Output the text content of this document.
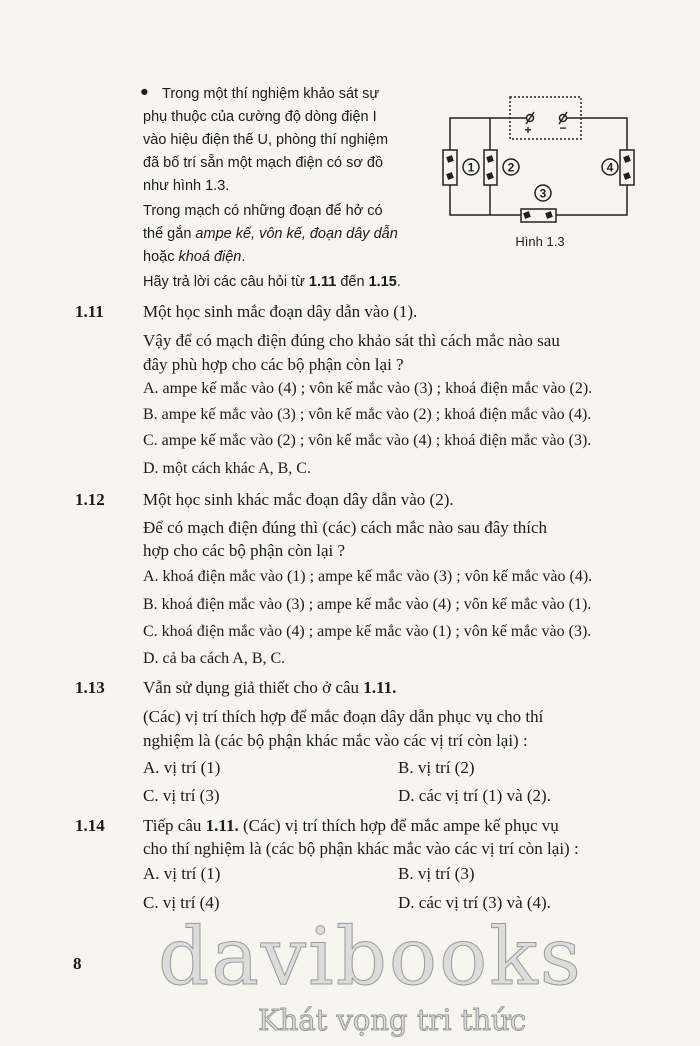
● Trong một thí nghiệm khảo sát sự
phụ thuộc của cường độ dòng điện I
vào hiệu điện thế U, phòng thí nghiệm
đã bố trí sẵn một mạch điện có sơ đồ
như hình 1.3.
Trong mạch có những đoạn để hở có
thể gắn ampe kế, vôn kế, đoạn dây dẫn
hoặc khoá điện.
Hãy trả lời các câu hỏi từ 1.11 đến 1.15.
1	2
3
4
+ −
Hình 1.3
1.11 Một học sinh mắc đoạn dây dẫn vào (1).
Vậy để có mạch điện đúng cho khảo sát thì cách mắc nào sau
đây phù hợp cho các bộ phận còn lại ?
A. ampe kế mắc vào (4) ; vôn kế mắc vào (3) ; khoá điện mắc vào (2).
B. ampe kế mắc vào (3) ; vôn kế mắc vào (2) ; khoá điện mắc vào (4).
C. ampe kế mắc vào (2) ; vôn kế mắc vào (4) ; khoá điện mắc vào (3).
D. một cách khác A, B, C.
1.12 Một học sinh khác mắc đoạn dây dẫn vào (2).
Để có mạch điện đúng thì (các) cách mắc nào sau đây thích
hợp cho các bộ phận còn lại ?
A. khoá điện mắc vào (1) ; ampe kế mắc vào (3) ; vôn kế mắc vào (4).
B. khoá điện mắc vào (3) ; ampe kế mắc vào (4) ; vôn kế mắc vào (1).
C. khoá điện mắc vào (4) ; ampe kế mắc vào (1) ; vôn kế mắc vào (3).
D. cả ba cách A, B, C.
1.13 Vẫn sử dụng giả thiết cho ở câu 1.11.
(Các) vị trí thích hợp để mắc đoạn dây dẫn phục vụ cho thí
nghiệm là (các bộ phận khác mắc vào các vị trí còn lại) :
A. vị trí (1)	B. vị trí (2)
C. vị trí (3)	D. các vị trí (1) và (2).
1.14 Tiếp câu 1.11. (Các) vị trí thích hợp để mắc ampe kế phục vụ
cho thí nghiệm là (các bộ phận khác mắc vào các vị trí còn lại) :
A. vị trí (1)	B. vị trí (3)
C. vị trí (4)	D. các vị trí (3) và (4).
8 davibooks
Khát vọng tri thức
